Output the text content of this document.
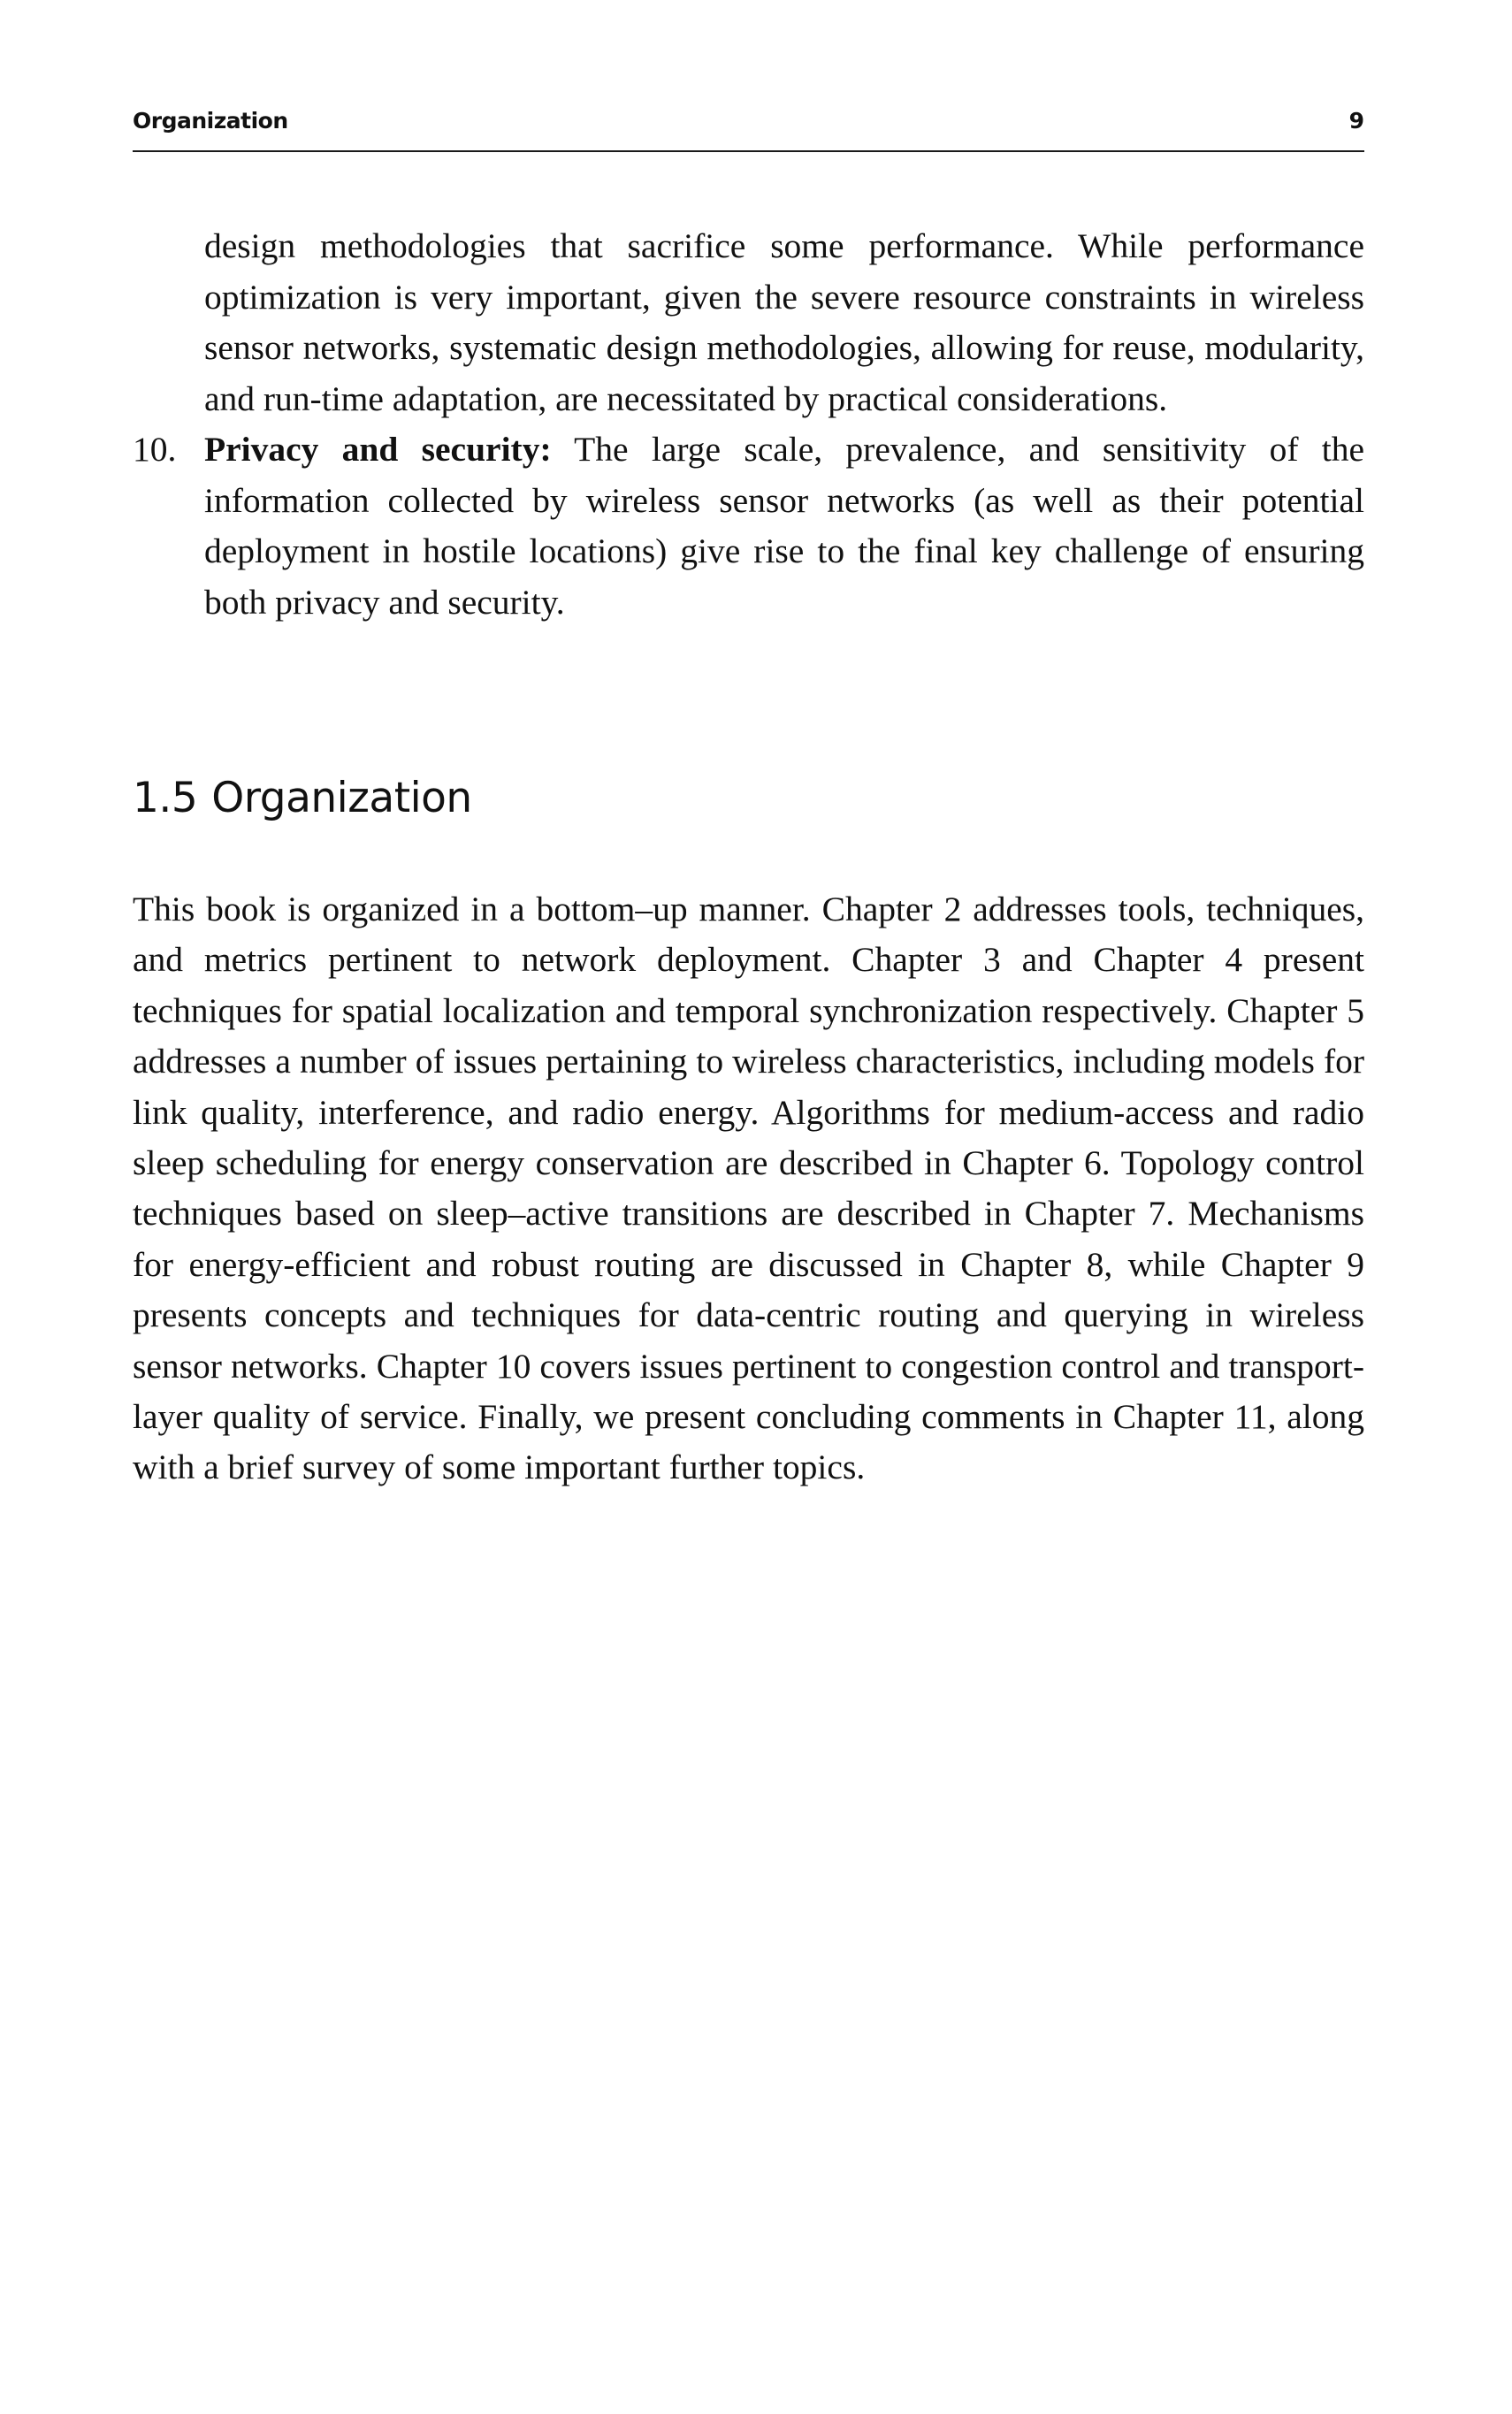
Organization	9

design methodologies that sacrifice some performance. While performance optimization is very important, given the severe resource constraints in wireless sensor networks, systematic design methodologies, allowing for reuse, modularity, and run-time adaptation, are necessitated by practical considerations.

10. Privacy and security: The large scale, prevalence, and sensitivity of the information collected by wireless sensor networks (as well as their potential deployment in hostile locations) give rise to the final key challenge of ensuring both privacy and security.

1.5 Organization

This book is organized in a bottom–up manner. Chapter 2 addresses tools, techniques, and metrics pertinent to network deployment. Chapter 3 and Chapter 4 present techniques for spatial localization and temporal synchronization respectively. Chapter 5 addresses a number of issues pertaining to wireless characteristics, including models for link quality, interference, and radio energy. Algorithms for medium-access and radio sleep scheduling for energy conservation are described in Chapter 6. Topology control techniques based on sleep–active transitions are described in Chapter 7. Mechanisms for energy-efficient and robust routing are discussed in Chapter 8, while Chapter 9 presents concepts and techniques for data-centric routing and querying in wireless sensor networks. Chapter 10 covers issues pertinent to congestion control and transport-layer quality of service. Finally, we present concluding comments in Chapter 11, along with a brief survey of some important further topics.
